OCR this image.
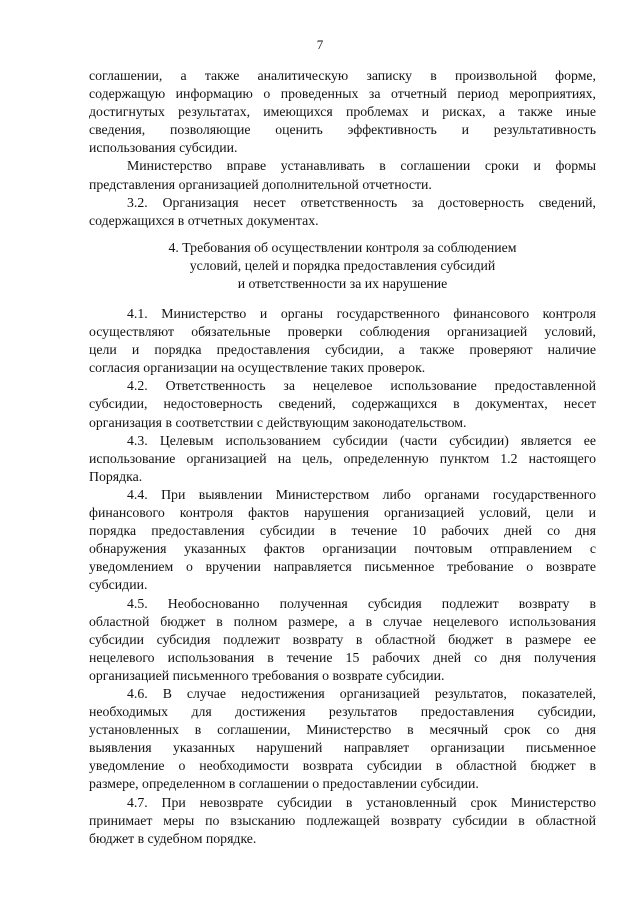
7
соглашении, а также аналитическую записку в произвольной форме,
содержащую информацию о проведенных за отчетный период мероприятиях,
достигнутых результатах, имеющихся проблемах и рисках, а также иные
сведения, позволяющие оценить эффективность и результативность
использования субсидии.
Министерство вправе устанавливать в соглашении сроки и формы
представления организацией дополнительной отчетности.
3.2. Организация несет ответственность за достоверность сведений,
содержащихся в отчетных документах.
4. Требования об осуществлении контроля за соблюдением
условий, целей и порядка предоставления субсидий
и ответственности за их нарушение
4.1. Министерство и органы государственного финансового контроля
осуществляют обязательные проверки соблюдения организацией условий,
цели и порядка предоставления субсидии, а также проверяют наличие
согласия организации на осуществление таких проверок.
4.2. Ответственность за нецелевое использование предоставленной
субсидии, недостоверность сведений, содержащихся в документах, несет
организация в соответствии с действующим законодательством.
4.3. Целевым использованием субсидии (части субсидии) является ее
использование организацией на цель, определенную пунктом 1.2 настоящего
Порядка.
4.4. При выявлении Министерством либо органами государственного
финансового контроля фактов нарушения организацией условий, цели и
порядка предоставления субсидии в течение 10 рабочих дней со дня
обнаружения указанных фактов организации почтовым отправлением с
уведомлением о вручении направляется письменное требование о возврате
субсидии.
4.5. Необоснованно полученная субсидия подлежит возврату в
областной бюджет в полном размере, а в случае нецелевого использования
субсидии субсидия подлежит возврату в областной бюджет в размере ее
нецелевого использования в течение 15 рабочих дней со дня получения
организацией письменного требования о возврате субсидии.
4.6. В случае недостижения организацией результатов, показателей,
необходимых для достижения результатов предоставления субсидии,
установленных в соглашении, Министерство в месячный срок со дня
выявления указанных нарушений направляет организации письменное
уведомление о необходимости возврата субсидии в областной бюджет в
размере, определенном в соглашении о предоставлении субсидии.
4.7. При невозврате субсидии в установленный срок Министерство
принимает меры по взысканию подлежащей возврату субсидии в областной
бюджет в судебном порядке.
